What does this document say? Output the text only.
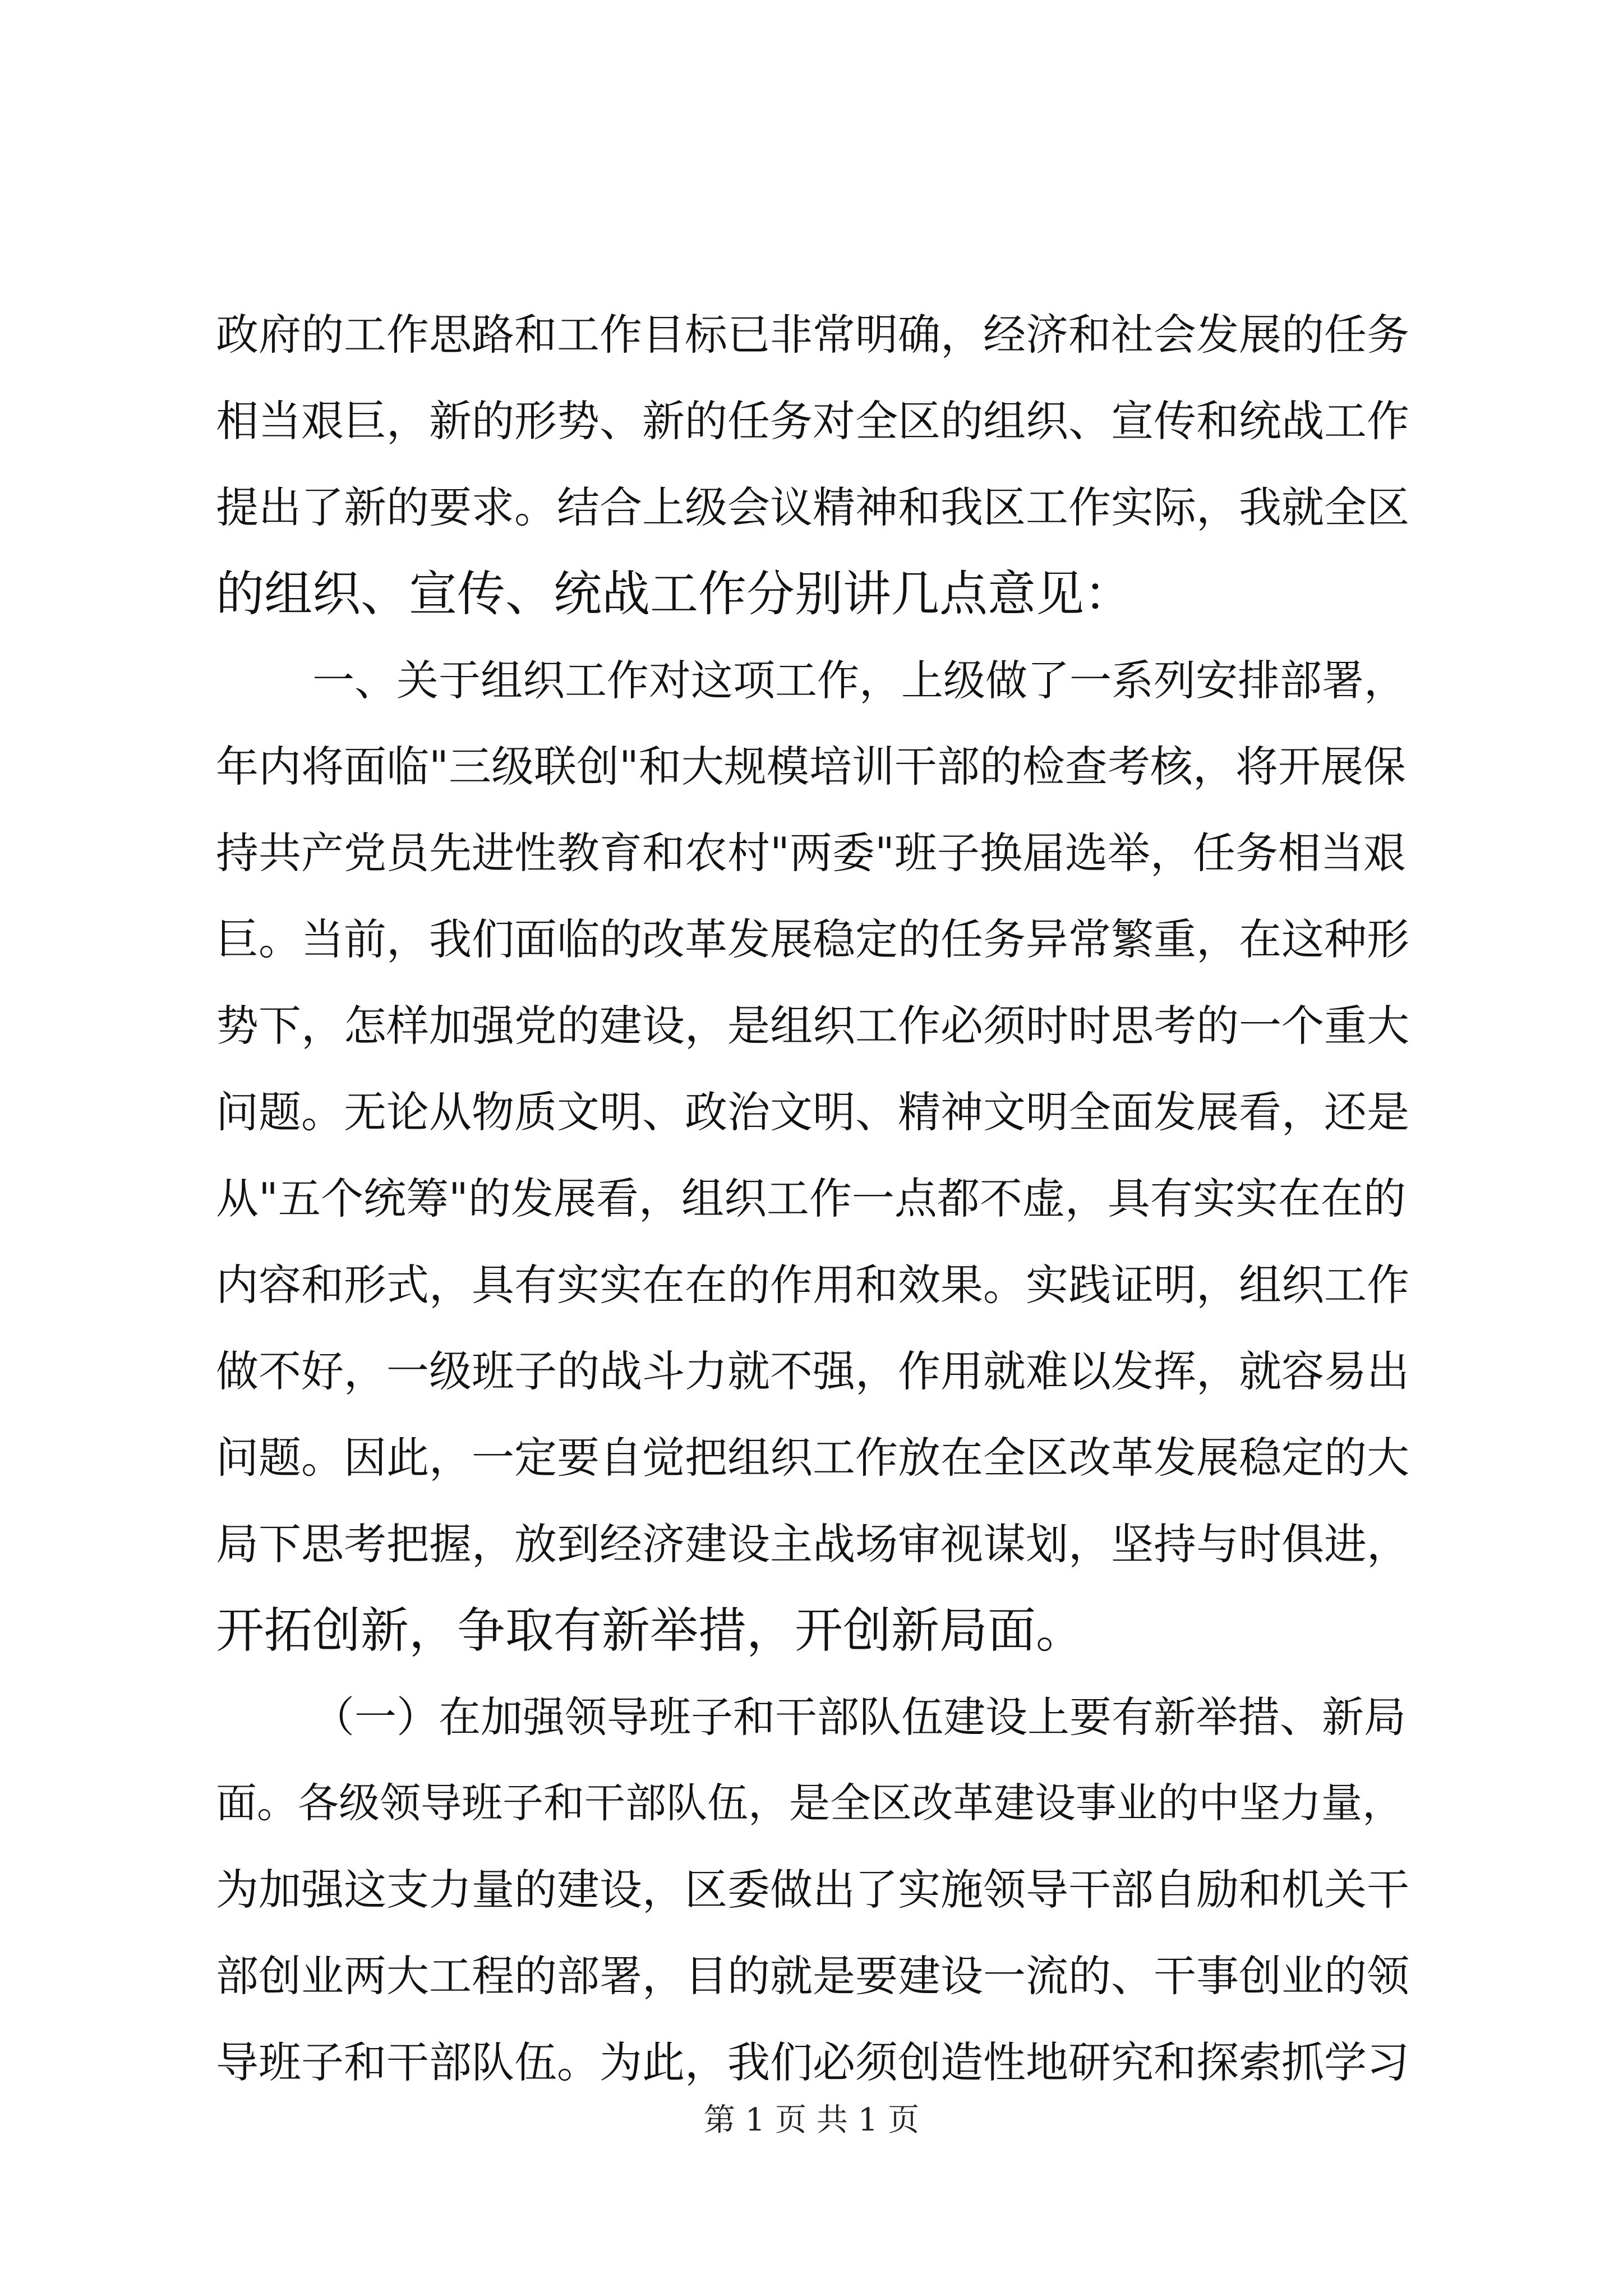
政府的工作思路和工作目标已非常明确，经济和社会发展的任务
相当艰巨，新的形势、新的任务对全区的组织、宣传和统战工作
提出了新的要求。结合上级会议精神和我区工作实际，我就全区
的组织、宣传、统战工作分别讲几点意见：
一、关于组织工作对这项工作，上级做了一系列安排部署，
年内将面临"三级联创"和大规模培训干部的检查考核，将开展保
持共产党员先进性教育和农村"两委"班子换届选举，任务相当艰
巨。当前，我们面临的改革发展稳定的任务异常繁重，在这种形
势下，怎样加强党的建设，是组织工作必须时时思考的一个重大
问题。无论从物质文明、政治文明、精神文明全面发展看，还是
从"五个统筹"的发展看，组织工作一点都不虚，具有实实在在的
内容和形式，具有实实在在的作用和效果。实践证明，组织工作
做不好，一级班子的战斗力就不强，作用就难以发挥，就容易出
问题。因此，一定要自觉把组织工作放在全区改革发展稳定的大
局下思考把握，放到经济建设主战场审视谋划，坚持与时俱进，
开拓创新，争取有新举措，开创新局面。
（一）在加强领导班子和干部队伍建设上要有新举措、新局
面。各级领导班子和干部队伍，是全区改革建设事业的中坚力量，
为加强这支力量的建设，区委做出了实施领导干部自励和机关干
部创业两大工程的部署，目的就是要建设一流的、干事创业的领
导班子和干部队伍。为此，我们必须创造性地研究和探索抓学习
第 1 页 共 1 页
